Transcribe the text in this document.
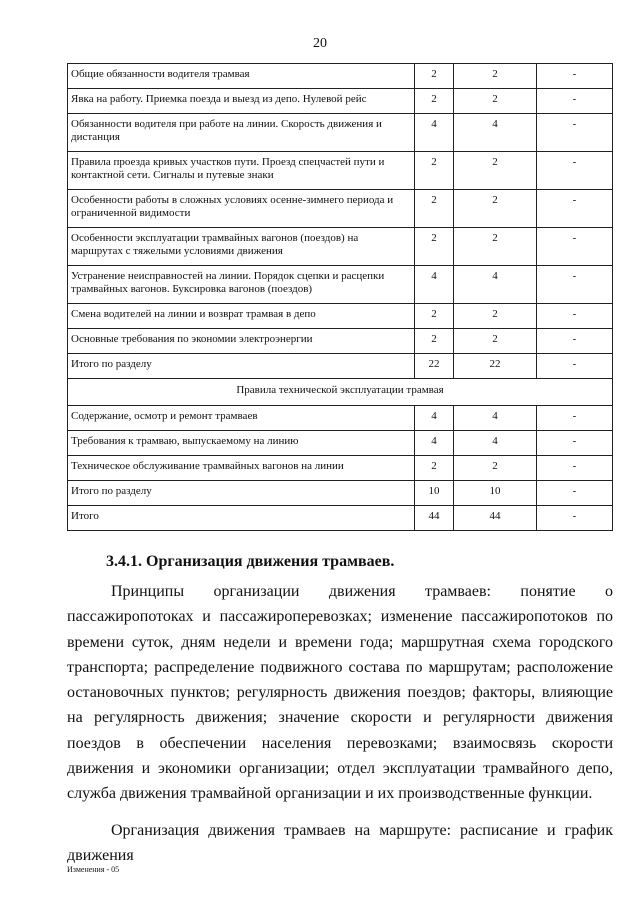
20
Общие обязанности водителя трамвая	2	2	-
Явка на работу. Приемка поезда и выезд из депо. Нулевой рейс	2	2	-
Обязанности водителя при работе на линии. Скорость движения и дистанция	4	4	-
Правила проезда кривых участков пути. Проезд спецчастей пути и контактной сети. Сигналы и путевые знаки	2	2	-
Особенности работы в сложных условиях осенне-зимнего периода и ограниченной видимости	2	2	-
Особенности эксплуатации трамвайных вагонов (поездов) на маршрутах с тяжелыми условиями движения	2	2	-
Устранение неисправностей на линии. Порядок сцепки и расцепки трамвайных вагонов. Буксировка вагонов (поездов)	4	4	-
Смена водителей на линии и возврат трамвая в депо	2	2	-
Основные требования по экономии электроэнергии	2	2	-
Итого по разделу	22	22	-
Правила технической эксплуатации трамвая			
Содержание, осмотр и ремонт трамваев	4	4	-
Требования к трамваю, выпускаемому на линию	4	4	-
Техническое обслуживание трамвайных вагонов на линии	2	2	-
Итого по разделу	10	10	-
Итого	44	44	-
3.4.1. Организация движения трамваев.
Принципы организации движения трамваев: понятие о пассажиропотоках и пассажироперевозках; изменение пассажиропотоков по времени суток, дням недели и времени года; маршрутная схема городского транспорта; распределение подвижного состава по маршрутам; расположение остановочных пунктов; регулярность движения поездов; факторы, влияющие на регулярность движения; значение скорости и регулярности движения поездов в обеспечении населения перевозками; взаимосвязь скорости движения и экономики организации; отдел эксплуатации трамвайного депо, служба движения трамвайной организации и их производственные функции.
Организация движения трамваев на маршруте: расписание и график движения
Изменения - 05
